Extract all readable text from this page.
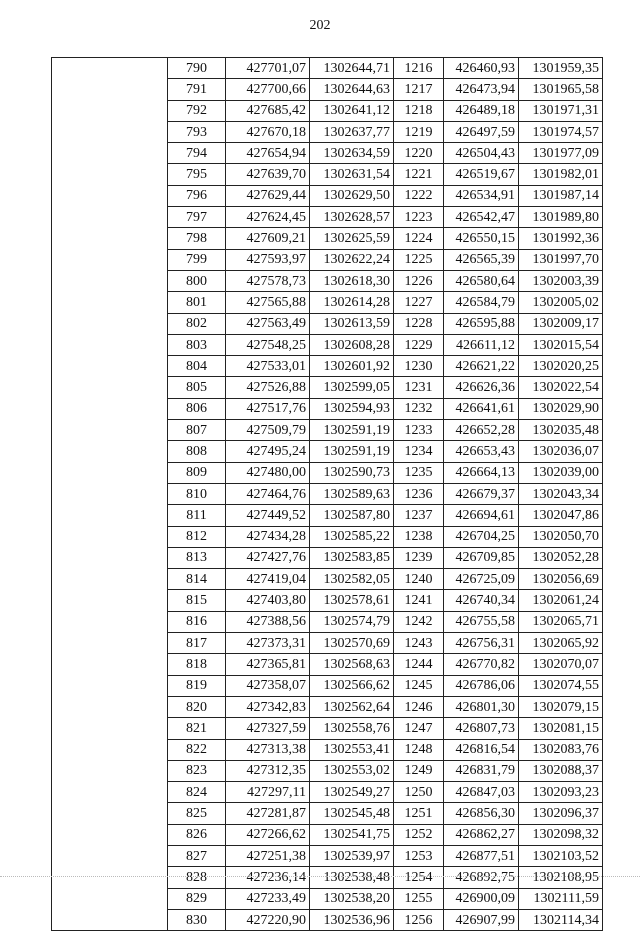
202
	790	427701,07	1302644,71	1216	426460,93	1301959,35
	791	427700,66	1302644,63	1217	426473,94	1301965,58
	792	427685,42	1302641,12	1218	426489,18	1301971,31
	793	427670,18	1302637,77	1219	426497,59	1301974,57
	794	427654,94	1302634,59	1220	426504,43	1301977,09
	795	427639,70	1302631,54	1221	426519,67	1301982,01
	796	427629,44	1302629,50	1222	426534,91	1301987,14
	797	427624,45	1302628,57	1223	426542,47	1301989,80
	798	427609,21	1302625,59	1224	426550,15	1301992,36
	799	427593,97	1302622,24	1225	426565,39	1301997,70
	800	427578,73	1302618,30	1226	426580,64	1302003,39
	801	427565,88	1302614,28	1227	426584,79	1302005,02
	802	427563,49	1302613,59	1228	426595,88	1302009,17
	803	427548,25	1302608,28	1229	426611,12	1302015,54
	804	427533,01	1302601,92	1230	426621,22	1302020,25
	805	427526,88	1302599,05	1231	426626,36	1302022,54
	806	427517,76	1302594,93	1232	426641,61	1302029,90
	807	427509,79	1302591,19	1233	426652,28	1302035,48
	808	427495,24	1302591,19	1234	426653,43	1302036,07
	809	427480,00	1302590,73	1235	426664,13	1302039,00
	810	427464,76	1302589,63	1236	426679,37	1302043,34
	811	427449,52	1302587,80	1237	426694,61	1302047,86
	812	427434,28	1302585,22	1238	426704,25	1302050,70
	813	427427,76	1302583,85	1239	426709,85	1302052,28
	814	427419,04	1302582,05	1240	426725,09	1302056,69
	815	427403,80	1302578,61	1241	426740,34	1302061,24
	816	427388,56	1302574,79	1242	426755,58	1302065,71
	817	427373,31	1302570,69	1243	426756,31	1302065,92
	818	427365,81	1302568,63	1244	426770,82	1302070,07
	819	427358,07	1302566,62	1245	426786,06	1302074,55
	820	427342,83	1302562,64	1246	426801,30	1302079,15
	821	427327,59	1302558,76	1247	426807,73	1302081,15
	822	427313,38	1302553,41	1248	426816,54	1302083,76
	823	427312,35	1302553,02	1249	426831,79	1302088,37
	824	427297,11	1302549,27	1250	426847,03	1302093,23
	825	427281,87	1302545,48	1251	426856,30	1302096,37
	826	427266,62	1302541,75	1252	426862,27	1302098,32
	827	427251,38	1302539,97	1253	426877,51	1302103,52
	828	427236,14	1302538,48	1254	426892,75	1302108,95
	829	427233,49	1302538,20	1255	426900,09	1302111,59
	830	427220,90	1302536,96	1256	426907,99	1302114,34
